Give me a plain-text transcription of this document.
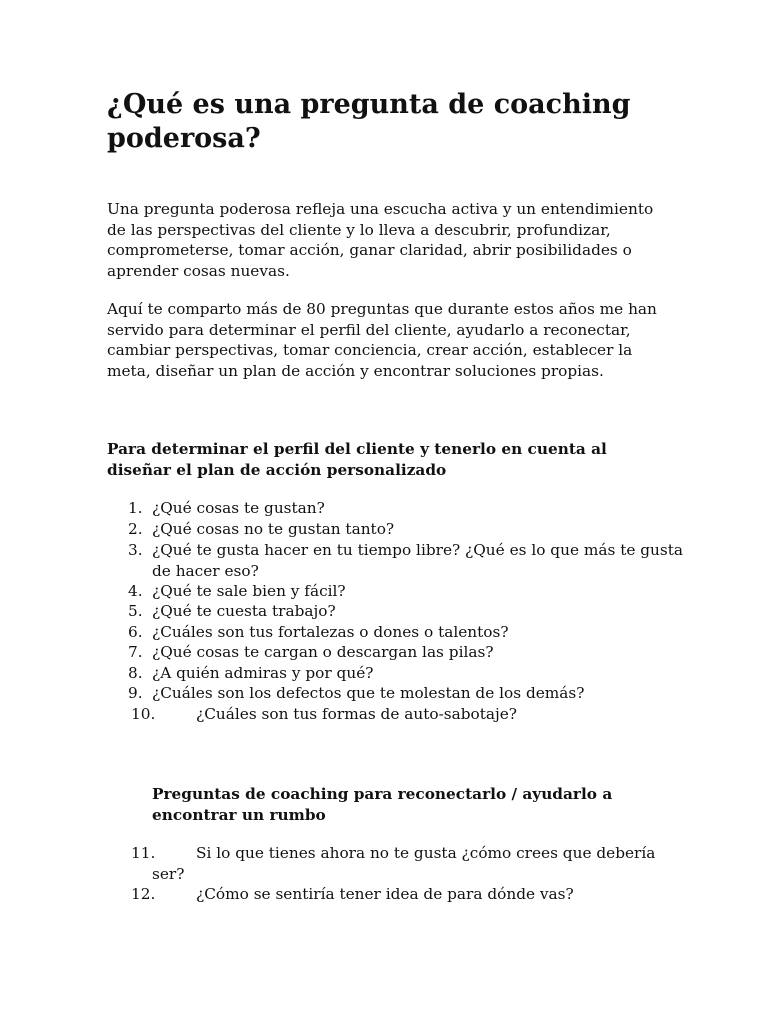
¿Qué es una pregunta de coaching poderosa?

Una pregunta poderosa refleja una escucha activa y un entendimiento de las perspectivas del cliente y lo lleva a descubrir, profundizar, comprometerse, tomar acción, ganar claridad, abrir posibilidades o aprender cosas nuevas.

Aquí te comparto más de 80 preguntas que durante estos años me han servido para determinar el perfil del cliente, ayudarlo a reconectar, cambiar perspectivas, tomar conciencia, crear acción, establecer la meta, diseñar un plan de acción y encontrar soluciones propias.

Para determinar el perfil del cliente y tenerlo en cuenta al diseñar el plan de acción personalizado
1. ¿Qué cosas te gustan?
2. ¿Qué cosas no te gustan tanto?
3. ¿Qué te gusta hacer en tu tiempo libre? ¿Qué es lo que más te gusta
de hacer eso?
4. ¿Qué te sale bien y fácil?
5. ¿Qué te cuesta trabajo?
6. ¿Cuáles son tus fortalezas o dones o talentos?
7. ¿Qué cosas te cargan o descargan las pilas?
8. ¿A quién admiras y por qué?
9. ¿Cuáles son los defectos que te molestan de los demás?
10.	¿Cuáles son tus formas de auto-sabotaje?
Preguntas de coaching para reconectarlo / ayudarlo a encontrar un rumbo
11.	Si lo que tienes ahora no te gusta ¿cómo crees que debería
ser?
12.	¿Cómo se sentiría tener idea de para dónde vas?
